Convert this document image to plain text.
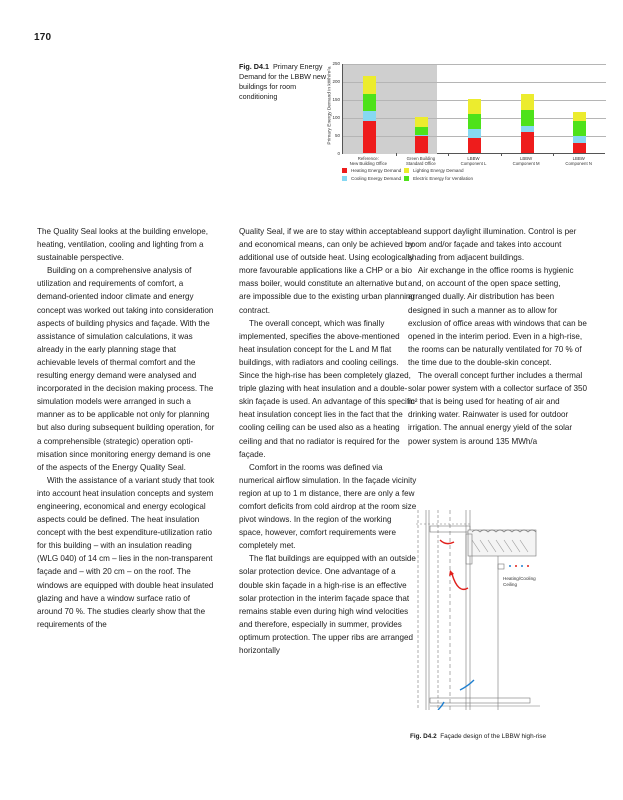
170
Fig. D4.1 Primary Energy Demand for the LBBW new buildings for room conditioning	Primary Energy Demand in kWh/m²a
Heating Energy Demand	Lighting Energy Demand
Cooling Energy Demand	Electric Energy for Ventilation
0
50
100
150
200
250
Reference:
New Building Office
Green Building
Standard Office
LBBW
Component L
LBBW
Component M
LBBW
Component N

The Quality Seal looks at the building envelope, heating, ventilation, cooling and lighting from a sustainable perspective.

Building on a comprehensive analysis of utilization and requirements of comfort, a demand-oriented indoor climate and energy concept was worked out taking into consideration aspects of building physics and façade. With the assistance of simulation calculations, it was already in the early planning stage that achievable levels of thermal comfort and the resulting energy demand were analysed and incorporated in the decision making process. The simulation models were arranged in such a manner as to be applicable not only for planning but also during subsequent building operation, for a comprehensible (strategic) operation optimisation since monitoring energy demand is one of the aspects of the Energy Quality Seal.

With the assistance of a variant study that took into account heat insulation concepts and system engineering, economical and energy ecological aspects could be defined. The heat insulation concept with the best expenditure-utilization ratio for this building – with an insulation reading (WLG 040) of 14 cm – lies in the non-transparent façade and – with 20 cm – on the roof. The windows are equipped with double heat insulated glazing and have a window surface ratio of around 70 %. The studies clearly show that the requirements of the

Quality Seal, if we are to stay within acceptable and economical means, can only be achieved by additional use of outside heat. Using ecologically more favourable applications like a CHP or a bio mass boiler, would constitute an alternative but are impossible due to the existing urban planning contract.

The overall concept, which was finally implemented, specifies the above-mentioned heat insulation concept for the L and M flat buildings, with radiators and cooling ceilings. Since the high-rise has been completely glazed, triple glazing with heat insulation and a double-skin façade is used. An advantage of this specific heat insulation concept lies in the fact that the cooling ceiling can be used also as a heating ceiling and that no radiator is required for the façade.

Comfort in the rooms was defined via numerical airflow simulation. In the façade vicinity region at up to 1 m distance, there are only a few comfort deficits from cold airdrop at the room size pivot windows. In the region of the working space, however, comfort requirements were completely met.

The flat buildings are equipped with an outside solar protection device. One advantage of a double skin façade in a high-rise is an effective solar protection in the interim façade space that remains stable even during high wind velocities and therefore, especially in summer, provides optimum protection. The upper ribs are arranged horizontally

and support daylight illumination. Control is per room and/or façade and takes into account shading from adjacent buildings.

Air exchange in the office rooms is hygienic and, on account of the open space setting, arranged dually. Air distribution has been designed in such a manner as to allow for exclusion of office areas with windows that can be opened in the interim period. Even in a high-rise, the rooms can be naturally ventilated for 70 % of the time due to the double-skin concept.

The overall concept further includes a thermal solar power system with a collector surface of 350 m² that is being used for heating of air and drinking water. Rainwater is used for outdoor irrigation. The annual energy yield of the solar power system is around 135 MWh/a

Heating/Cooling Ceiling
Fig. D4.2 Façade design of the LBBW high-rise
